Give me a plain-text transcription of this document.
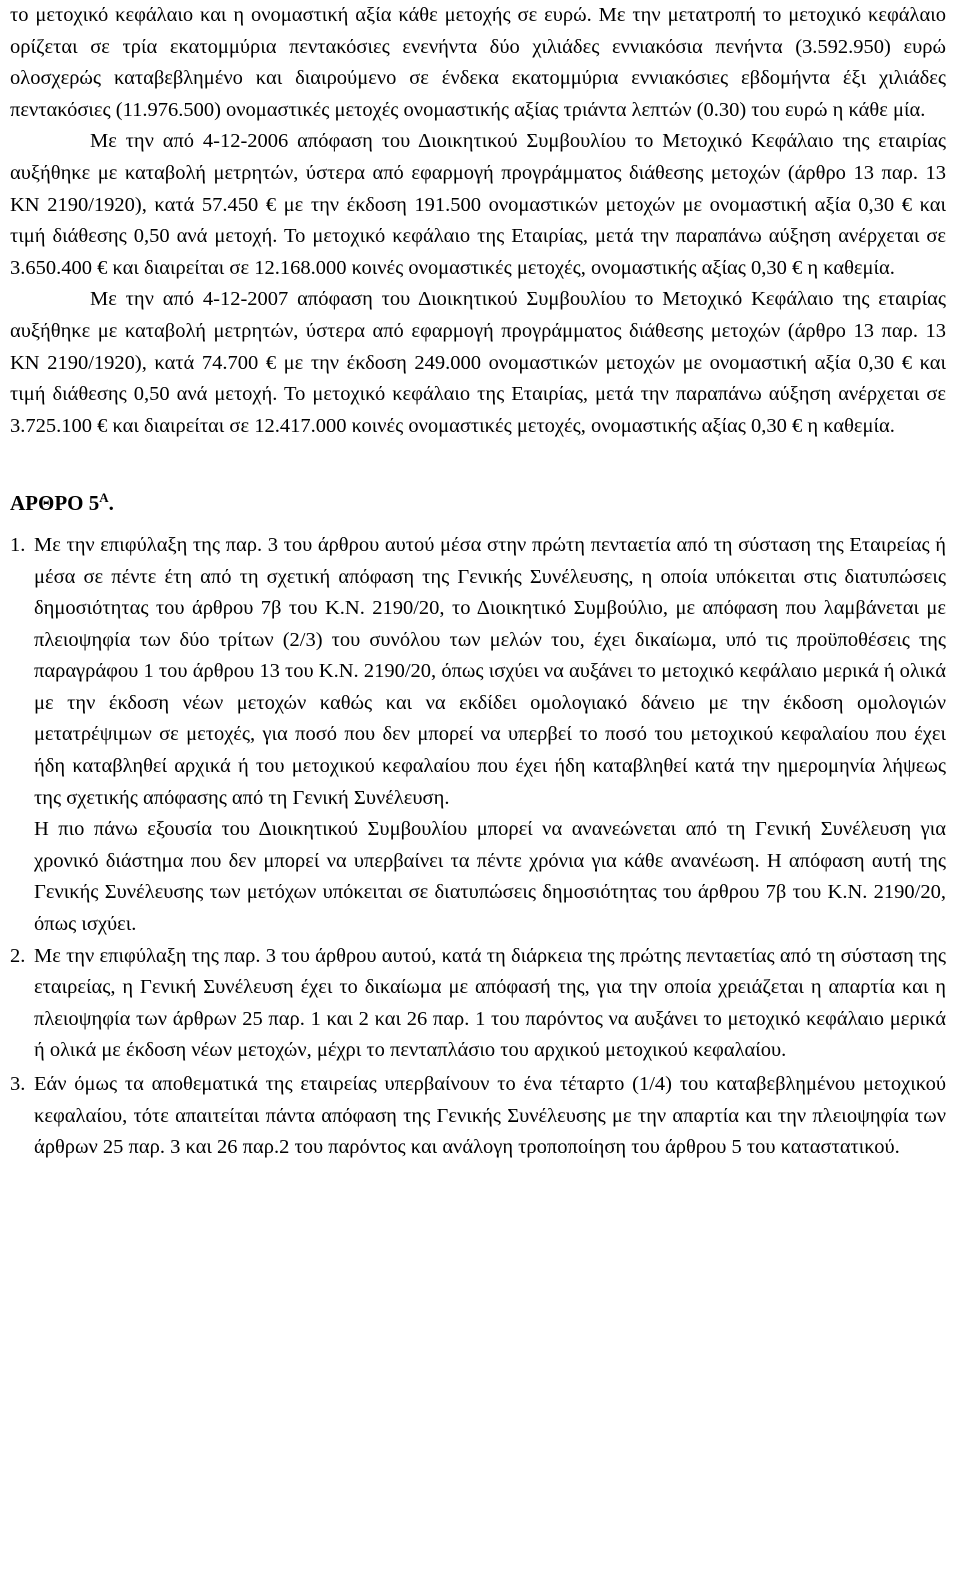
το μετοχικό κεφάλαιο και η ονομαστική αξία κάθε μετοχής σε ευρώ. Με την μετατροπή το μετοχικό κεφάλαιο ορίζεται σε τρία εκατομμύρια πεντακόσιες ενενήντα δύο χιλιάδες εννιακόσια πενήντα (3.592.950) ευρώ ολοσχερώς καταβεβλημένο και διαιρούμενο σε ένδεκα εκατομμύρια εννιακόσιες εβδομήντα έξι χιλιάδες πεντακόσιες (11.976.500) ονομαστικές μετοχές ονομαστικής αξίας τριάντα λεπτών (0.30) του ευρώ η κάθε μία.

Με την από 4-12-2006 απόφαση του Διοικητικού Συμβουλίου το Μετοχικό Κεφάλαιο της εταιρίας αυξήθηκε με καταβολή μετρητών, ύστερα από εφαρμογή προγράμματος διάθεσης μετοχών (άρθρο 13 παρ. 13 ΚΝ 2190/1920), κατά 57.450 € με την έκδοση 191.500 ονομαστικών μετοχών με ονομαστική αξία 0,30 € και τιμή διάθεσης 0,50 ανά μετοχή. Το μετοχικό κεφάλαιο της Εταιρίας, μετά την παραπάνω αύξηση ανέρχεται σε 3.650.400 € και διαιρείται σε 12.168.000 κοινές ονομαστικές μετοχές, ονομαστικής αξίας 0,30 € η καθεμία.

Με την από 4-12-2007 απόφαση του Διοικητικού Συμβουλίου το Μετοχικό Κεφάλαιο της εταιρίας αυξήθηκε με καταβολή μετρητών, ύστερα από εφαρμογή προγράμματος διάθεσης μετοχών (άρθρο 13 παρ. 13 ΚΝ 2190/1920), κατά 74.700 € με την έκδοση 249.000 ονομαστικών μετοχών με ονομαστική αξία 0,30 € και τιμή διάθεσης 0,50 ανά μετοχή. Το μετοχικό κεφάλαιο της Εταιρίας, μετά την παραπάνω αύξηση ανέρχεται σε 3.725.100 € και διαιρείται σε 12.417.000 κοινές ονομαστικές μετοχές, ονομαστικής αξίας 0,30 € η καθεμία.

ΑΡΘΡΟ $5^A$.
1. Με την επιφύλαξη της παρ. 3 του άρθρου αυτού μέσα στην πρώτη πενταετία από τη σύσταση της Εταιρείας ή μέσα σε πέντε έτη από τη σχετική απόφαση της Γενικής Συνέλευσης, η οποία υπόκειται στις διατυπώσεις δημοσιότητας του άρθρου 7β του Κ.Ν. 2190/20, το Διοικητικό Συμβούλιο, με απόφαση που λαμβάνεται με πλειοψηφία των δύο τρίτων (2/3) του συνόλου των μελών του, έχει δικαίωμα, υπό τις προϋποθέσεις της παραγράφου 1 του άρθρου 13 του Κ.Ν. 2190/20, όπως ισχύει να αυξάνει το μετοχικό κεφάλαιο μερικά ή ολικά με την έκδοση νέων μετοχών καθώς και να εκδίδει ομολογιακό δάνειο με την έκδοση ομολογιών μετατρέψιμων σε μετοχές, για ποσό που δεν μπορεί να υπερβεί το ποσό του μετοχικού κεφαλαίου που έχει ήδη καταβληθεί αρχικά ή του μετοχικού κεφαλαίου που έχει ήδη καταβληθεί κατά την ημερομηνία λήψεως της σχετικής απόφασης από τη Γενική Συνέλευση.

Η πιο πάνω εξουσία του Διοικητικού Συμβουλίου μπορεί να ανανεώνεται από τη Γενική Συνέλευση για χρονικό διάστημα που δεν μπορεί να υπερβαίνει τα πέντε χρόνια για κάθε ανανέωση. Η απόφαση αυτή της Γενικής Συνέλευσης των μετόχων υπόκειται σε διατυπώσεις δημοσιότητας του άρθρου 7β του Κ.Ν. 2190/20, όπως ισχύει.

2. Με την επιφύλαξη της παρ. 3 του άρθρου αυτού, κατά τη διάρκεια της πρώτης πενταετίας από τη σύσταση της εταιρείας, η Γενική Συνέλευση έχει το δικαίωμα με απόφασή της, για την οποία χρειάζεται η απαρτία και η πλειοψηφία των άρθρων 25 παρ. 1 και 2 και 26 παρ. 1 του παρόντος να αυξάνει το μετοχικό κεφάλαιο μερικά ή ολικά με έκδοση νέων μετοχών, μέχρι το πενταπλάσιο του αρχικού μετοχικού κεφαλαίου.

3. Εάν όμως τα αποθεματικά της εταιρείας υπερβαίνουν το ένα τέταρτο (1/4) του καταβεβλημένου μετοχικού κεφαλαίου, τότε απαιτείται πάντα απόφαση της Γενικής Συνέλευσης με την απαρτία και την πλειοψηφία των άρθρων 25 παρ. 3 και 26 παρ.2 του παρόντος και ανάλογη τροποποίηση του άρθρου 5 του καταστατικού.
